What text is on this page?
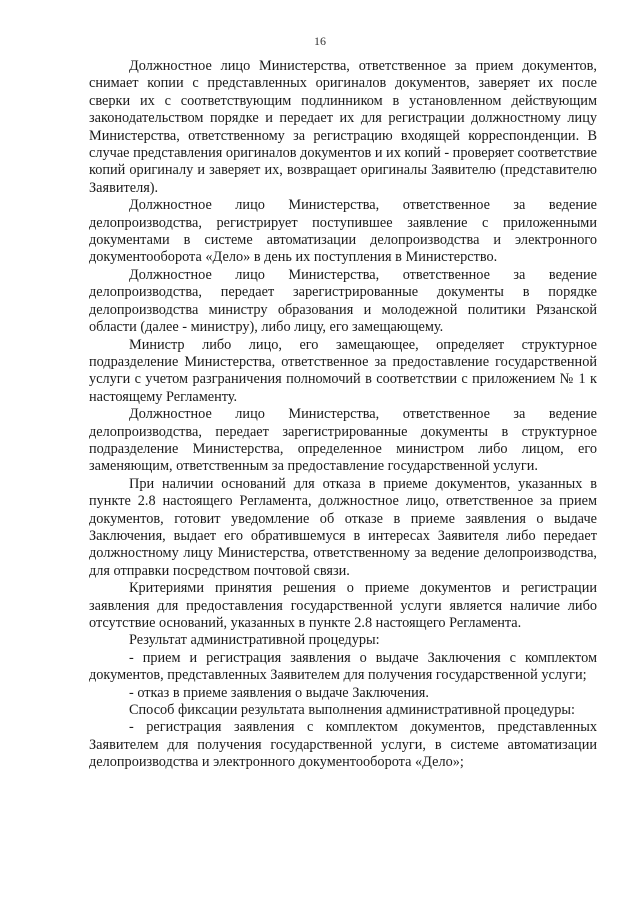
16

Должностное лицо Министерства, ответственное за прием документов, снимает копии с представленных оригиналов документов, заверяет их после сверки их с соответствующим подлинником в установленном действующим законодательством порядке и передает их для регистрации должностному лицу Министерства, ответственному за регистрацию входящей корреспонденции. В случае представления оригиналов документов и их копий - проверяет соответствие копий оригиналу и заверяет их, возвращает оригиналы Заявителю (представителю Заявителя).

Должностное лицо Министерства, ответственное за ведение делопроизводства, регистрирует поступившее заявление с приложенными документами в системе автоматизации делопроизводства и электронного документооборота «Дело» в день их поступления в Министерство.

Должностное лицо Министерства, ответственное за ведение делопроизводства, передает зарегистрированные документы в порядке делопроизводства министру образования и молодежной политики Рязанской области (далее - министру), либо лицу, его замещающему.

Министр либо лицо, его замещающее, определяет структурное подразделение Министерства, ответственное за предоставление государственной услуги с учетом разграничения полномочий в соответствии с приложением № 1 к настоящему Регламенту.

Должностное лицо Министерства, ответственное за ведение делопроизводства, передает зарегистрированные документы в структурное подразделение Министерства, определенное министром либо лицом, его заменяющим, ответственным за предоставление государственной услуги.

При наличии оснований для отказа в приеме документов, указанных в пункте 2.8 настоящего Регламента, должностное лицо, ответственное за прием документов, готовит уведомление об отказе в приеме заявления о выдаче Заключения, выдает его обратившемуся в интересах Заявителя либо передает должностному лицу Министерства, ответственному за ведение делопроизводства, для отправки посредством почтовой связи.

Критериями принятия решения о приеме документов и регистрации заявления для предоставления государственной услуги является наличие либо отсутствие оснований, указанных в пункте 2.8 настоящего Регламента.

Результат административной процедуры:

- прием и регистрация заявления о выдаче Заключения с комплектом документов, представленных Заявителем для получения государственной услуги;

- отказ в приеме заявления о выдаче Заключения.

Способ фиксации результата выполнения административной процедуры:

- регистрация заявления с комплектом документов, представленных Заявителем для получения государственной услуги, в системе автоматизации делопроизводства и электронного документооборота «Дело»;
